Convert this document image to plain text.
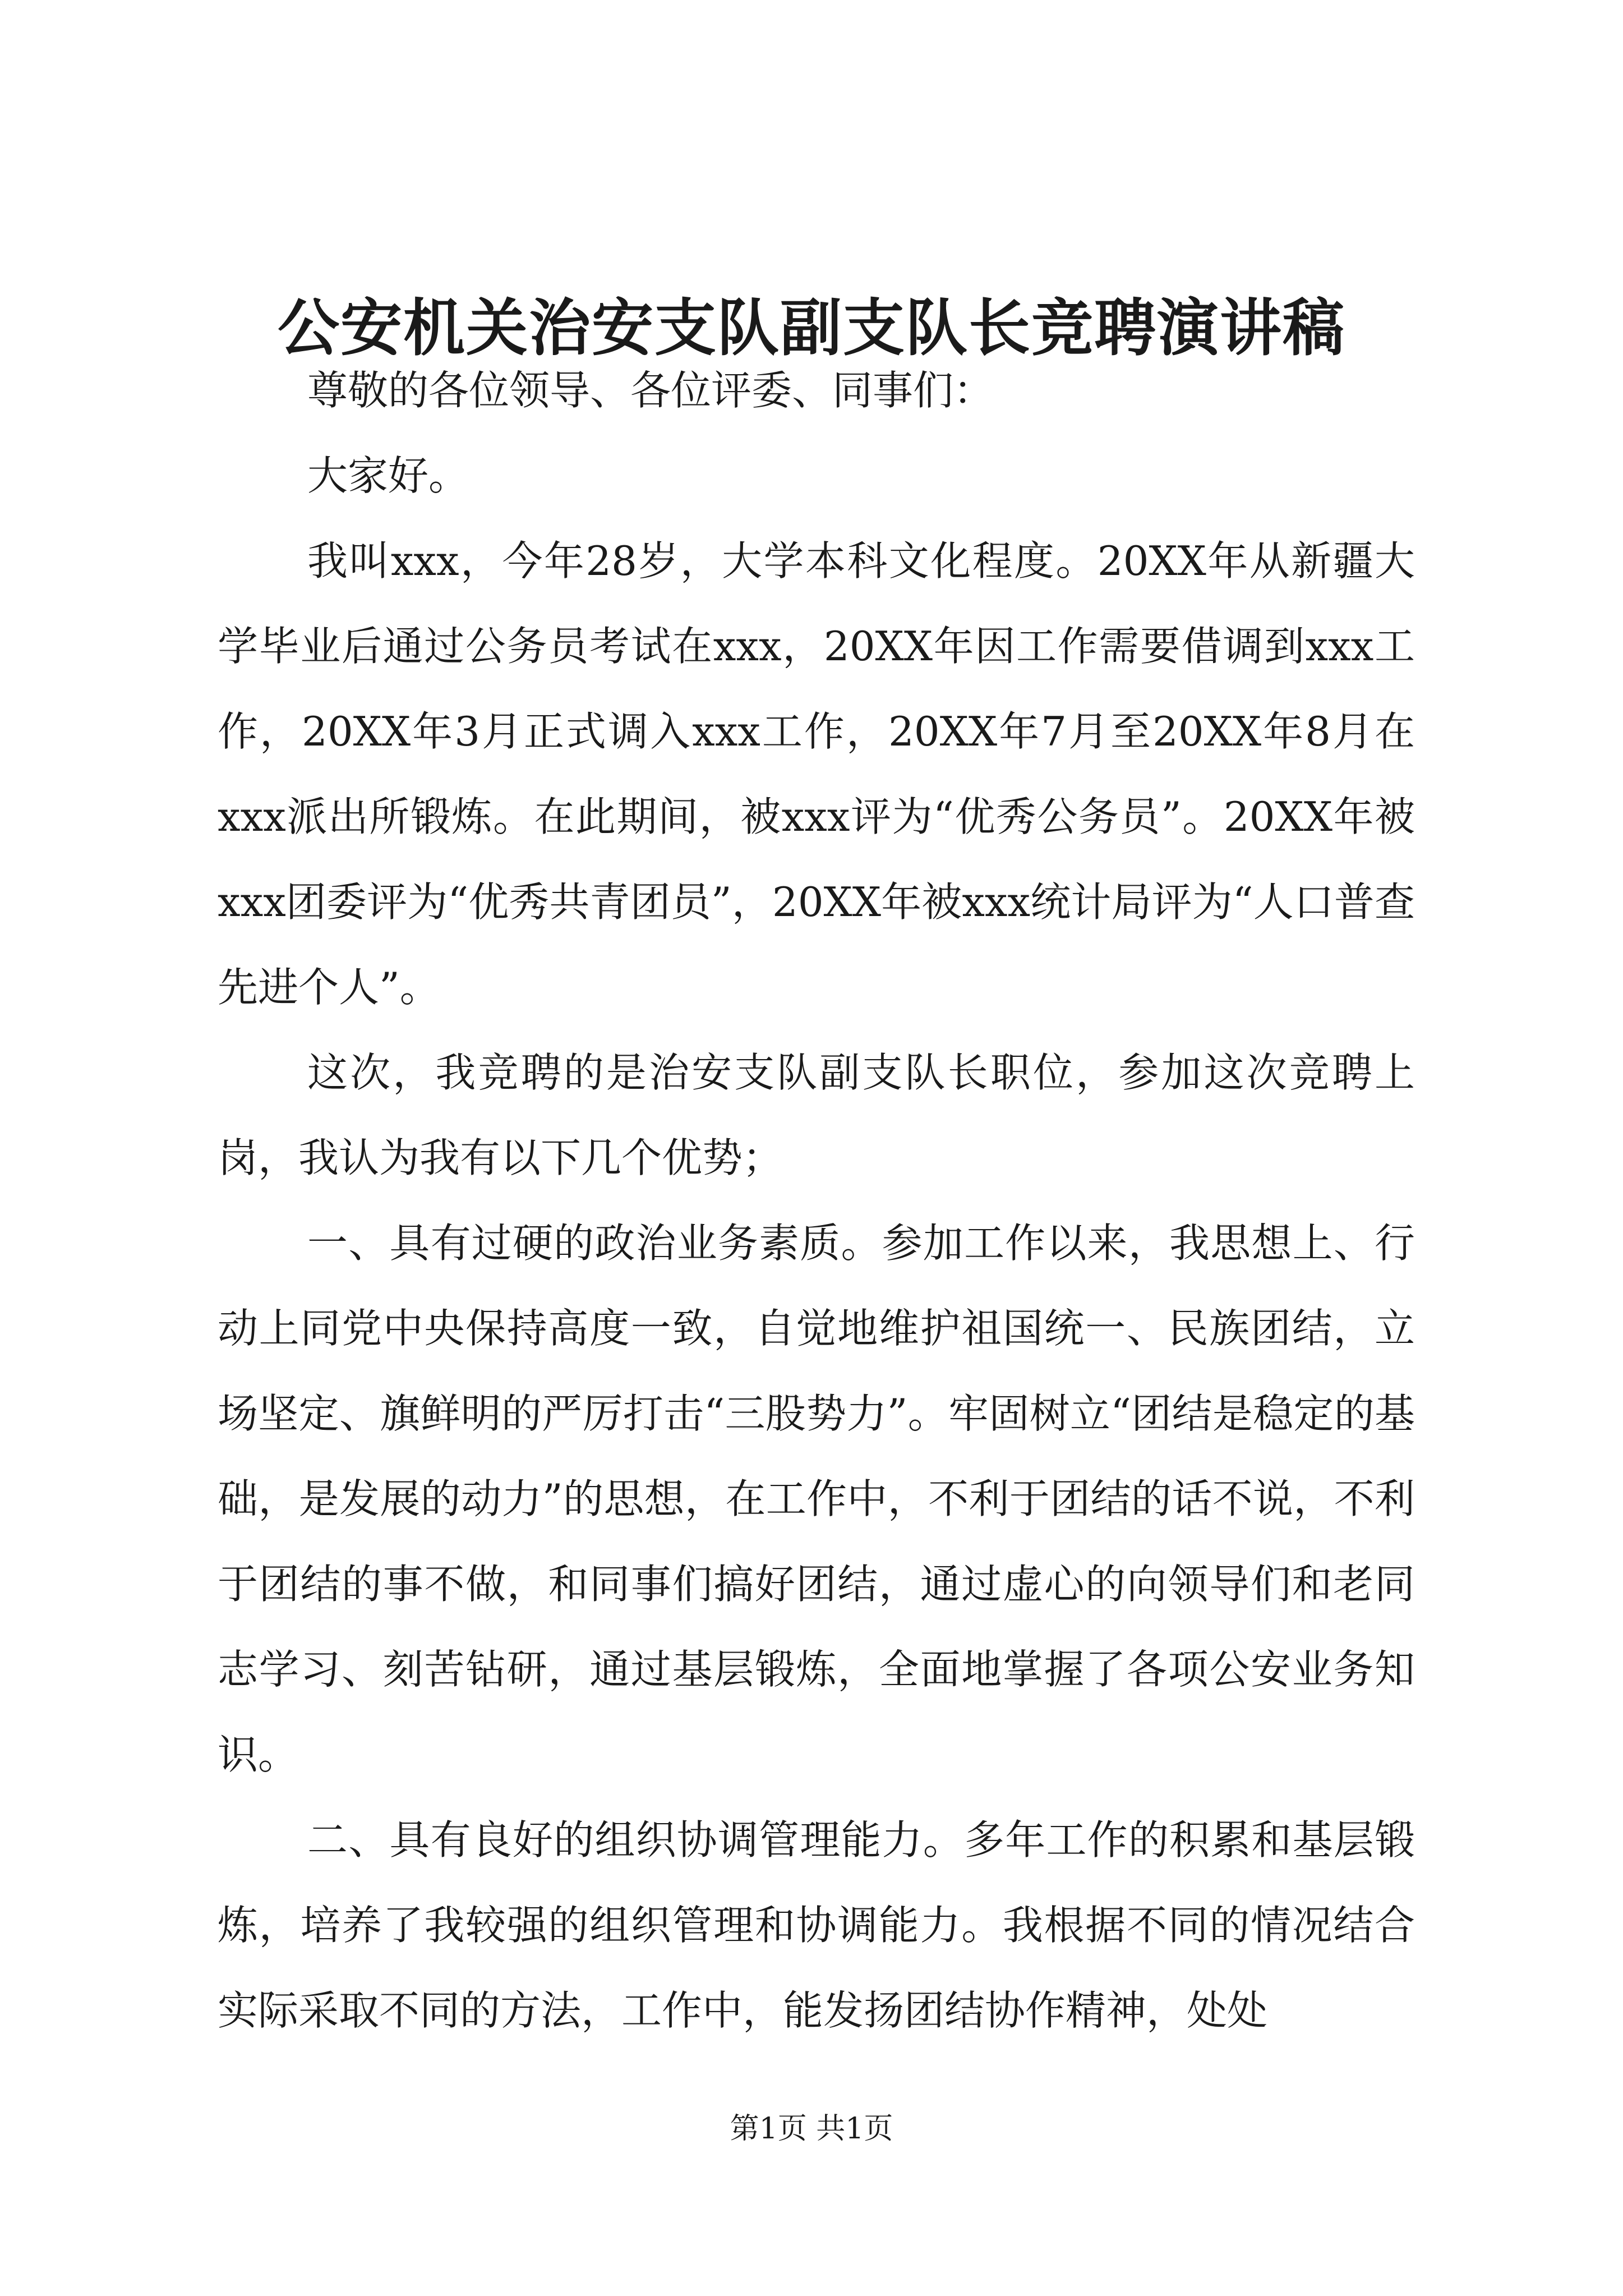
公安机关治安支队副支队长竞聘演讲稿

尊敬的各位领导、各位评委、同事们：

大家好。

我叫xxx，今年28岁，大学本科文化程度。20XX年从新疆大学毕业后通过公务员考试在xxx，20XX年因工作需要借调到xxx工作，20XX年3月正式调入xxx工作，20XX年7月至20XX年8月在xxx派出所锻炼。在此期间，被xxx评为“优秀公务员”。20XX年被xxx团委评为“优秀共青团员”，20XX年被xxx统计局评为“人口普查先进个人”。

这次，我竞聘的是治安支队副支队长职位，参加这次竞聘上岗，我认为我有以下几个优势；

一、具有过硬的政治业务素质。参加工作以来，我思想上、行动上同党中央保持高度一致，自觉地维护祖国统一、民族团结，立场坚定、旗鲜明的严厉打击“三股势力”。牢固树立“团结是稳定的基础，是发展的动力”的思想，在工作中，不利于团结的话不说，不利于团结的事不做，和同事们搞好团结，通过虚心的向领导们和老同志学习、刻苦钻研，通过基层锻炼，全面地掌握了各项公安业务知识。

二、具有良好的组织协调管理能力。多年工作的积累和基层锻炼，培养了我较强的组织管理和协调能力。我根据不同的情况结合实际采取不同的方法，工作中，能发扬团结协作精神，处处

第1页 共1页
